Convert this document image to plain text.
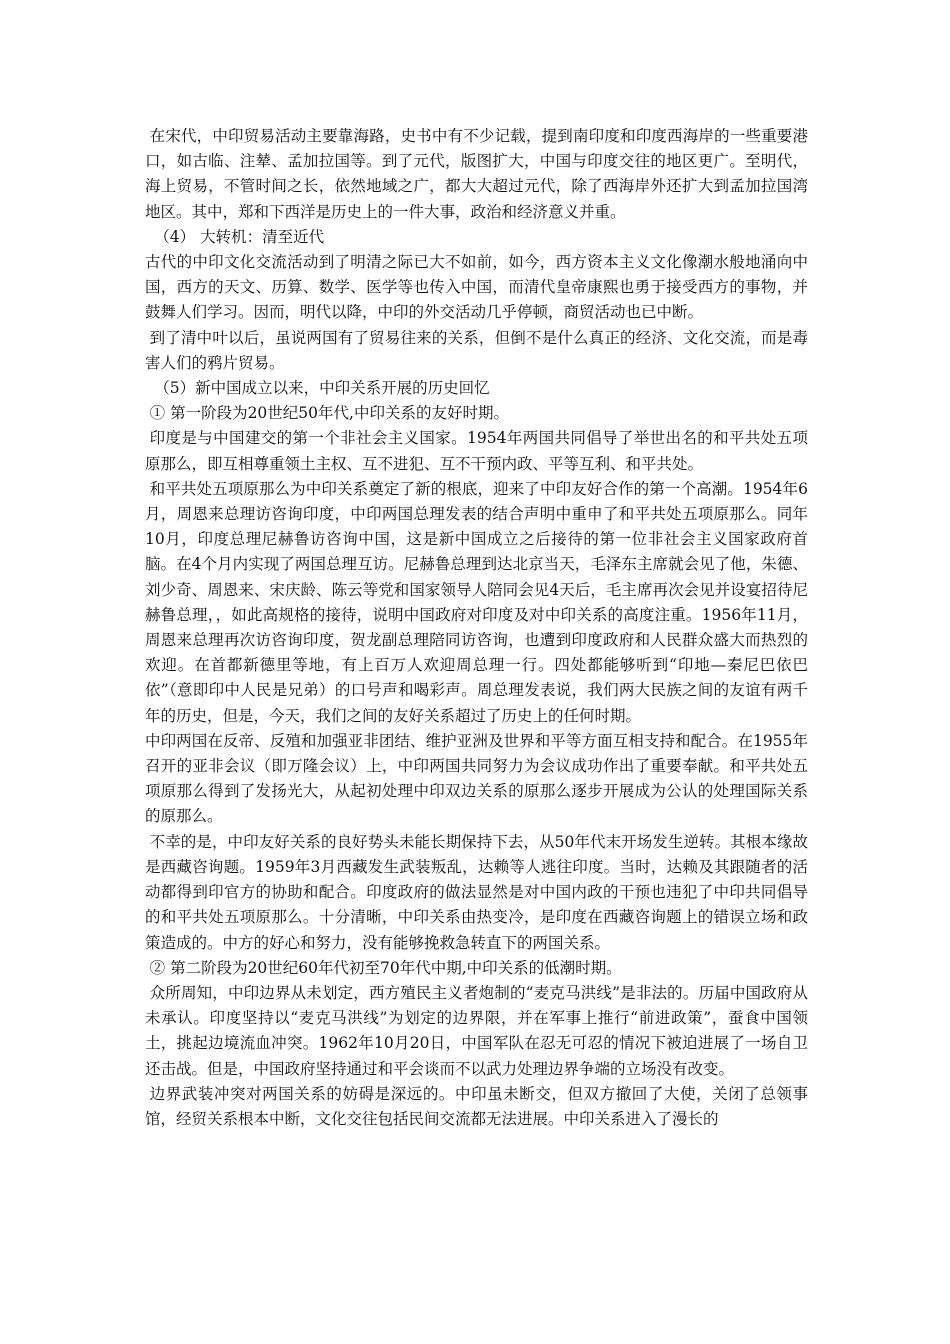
在宋代，中印贸易活动主要靠海路，史书中有不少记载，提到南印度和印度西海岸的一些重要港口，如古临、注辇、孟加拉国等。到了元代，版图扩大，中国与印度交往的地区更广。至明代，海上贸易，不管时间之长，依然地域之广，都大大超过元代，除了西海岸外还扩大到孟加拉国湾地区。其中，郑和下西洋是历史上的一件大事，政治和经济意义并重。

（4） 大转机：清至近代

古代的中印文化交流活动到了明清之际已大不如前，如今，西方资本主义文化像潮水般地涌向中国，西方的天文、历算、数学、医学等也传入中国，而清代皇帝康熙也勇于接受西方的事物，并鼓舞人们学习。因而，明代以降，中印的外交活动几乎停顿，商贸活动也已中断。

到了清中叶以后，虽说两国有了贸易往来的关系，但倒不是什么真正的经济、文化交流，而是毒害人们的鸦片贸易。

（5）新中国成立以来，中印关系开展的历史回忆

① 第一阶段为20世纪50年代,中印关系的友好时期。

印度是与中国建交的第一个非社会主义国家。1954年两国共同倡导了举世出名的和平共处五项原那么，即互相尊重领土主权、互不进犯、互不干预内政、平等互利、和平共处。

和平共处五项原那么为中印关系奠定了新的根底，迎来了中印友好合作的第一个高潮。1954年6月，周恩来总理访咨询印度，中印两国总理发表的结合声明中重申了和平共处五项原那么。同年10月，印度总理尼赫鲁访咨询中国，这是新中国成立之后接待的第一位非社会主义国家政府首脑。在4个月内实现了两国总理互访。尼赫鲁总理到达北京当天，毛泽东主席就会见了他，朱德、刘少奇、周恩来、宋庆龄、陈云等党和国家领导人陪同会见4天后，毛主席再次会见并设宴招待尼赫鲁总理，，如此高规格的接待，说明中国政府对印度及对中印关系的高度注重。1956年11月，周恩来总理再次访咨询印度，贺龙副总理陪同访咨询，也遭到印度政府和人民群众盛大而热烈的欢迎。在首都新德里等地，有上百万人欢迎周总理一行。四处都能够听到“印地—秦尼巴依巴依”（意即印中人民是兄弟）的口号声和喝彩声。周总理发表说，我们两大民族之间的友谊有两千年的历史，但是，今天，我们之间的友好关系超过了历史上的任何时期。

中印两国在反帝、反殖和加强亚非团结、维护亚洲及世界和平等方面互相支持和配合。在1955年召开的亚非会议（即万隆会议）上，中印两国共同努力为会议成功作出了重要奉献。和平共处五项原那么得到了发扬光大，从起初处理中印双边关系的原那么逐步开展成为公认的处理国际关系的原那么。

不幸的是，中印友好关系的良好势头未能长期保持下去，从50年代末开场发生逆转。其根本缘故是西藏咨询题。1959年3月西藏发生武装叛乱，达赖等人逃往印度。当时，达赖及其跟随者的活动都得到印官方的协助和配合。印度政府的做法显然是对中国内政的干预也违犯了中印共同倡导的和平共处五项原那么。十分清晰，中印关系由热变冷，是印度在西藏咨询题上的错误立场和政策造成的。中方的好心和努力，没有能够挽救急转直下的两国关系。

② 第二阶段为20世纪60年代初至70年代中期,中印关系的低潮时期。

众所周知，中印边界从未划定，西方殖民主义者炮制的“麦克马洪线”是非法的。历届中国政府从未承认。印度坚持以“麦克马洪线”为划定的边界限，并在军事上推行“前进政策”，蚕食中国领土，挑起边境流血冲突。1962年10月20日，中国军队在忍无可忍的情况下被迫进展了一场自卫还击战。但是，中国政府坚持通过和平会谈而不以武力处理边界争端的立场没有改变。

边界武装冲突对两国关系的妨碍是深远的。中印虽未断交，但双方撤回了大使，关闭了总领事馆，经贸关系根本中断，文化交往包括民间交流都无法进展。中印关系进入了漫长的
